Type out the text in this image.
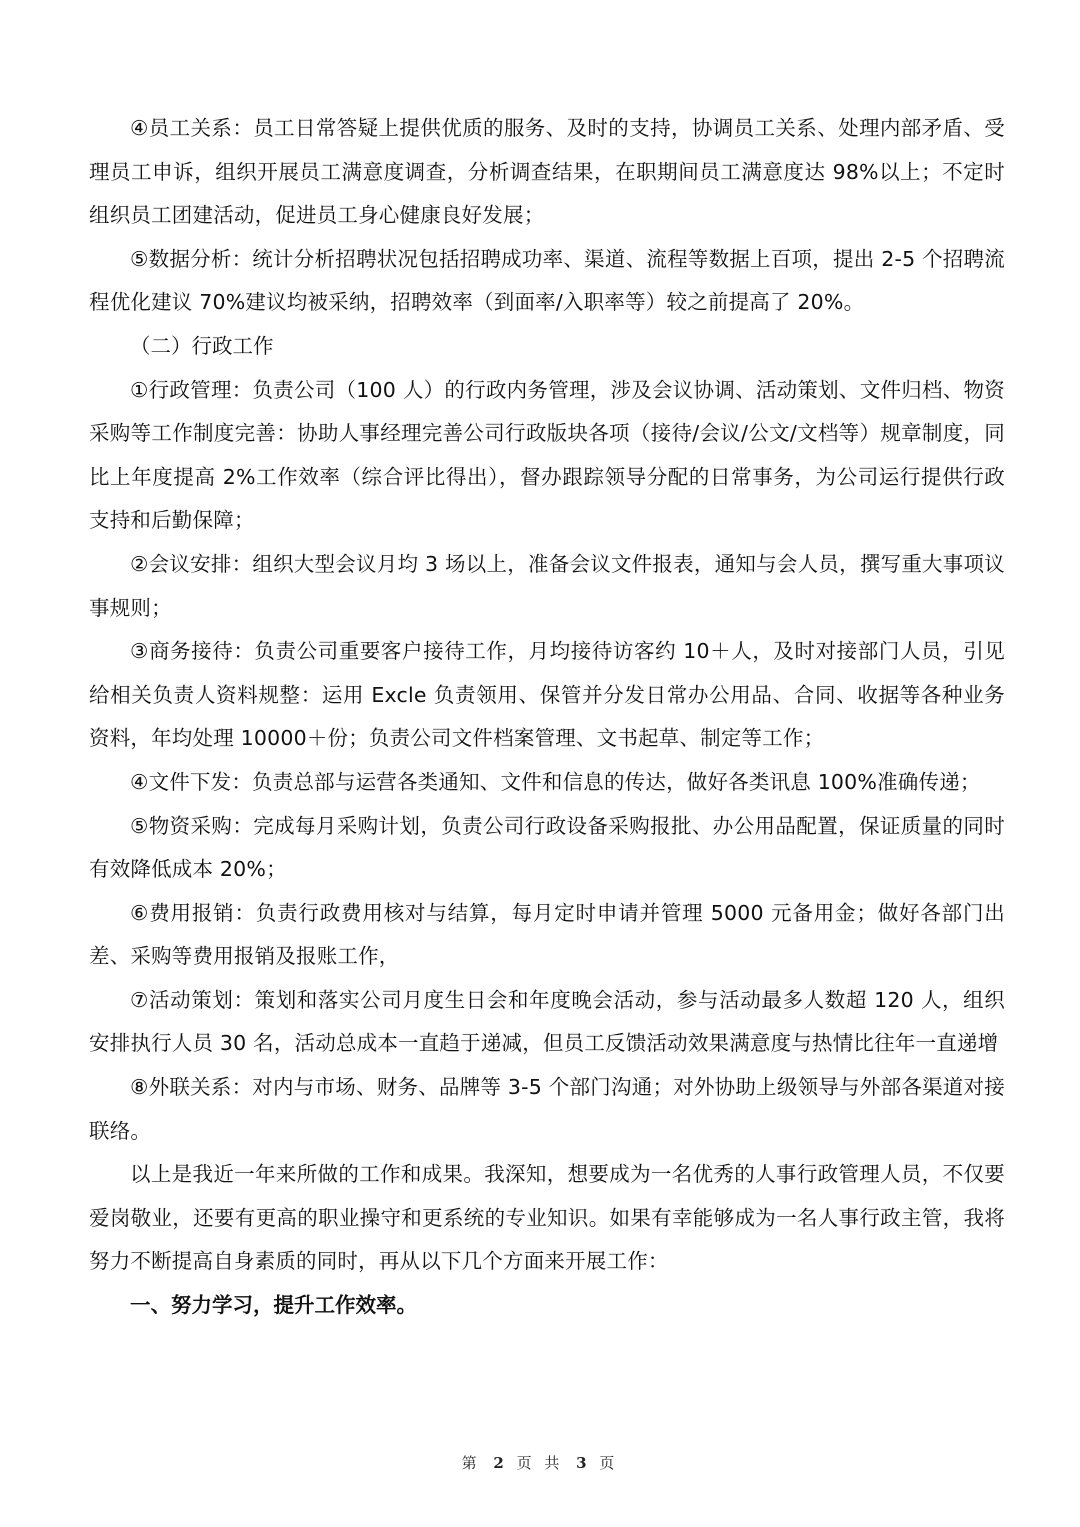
④员工关系：员工日常答疑上提供优质的服务、及时的支持，协调员工关系、处理内部矛盾、受理员工申诉，组织开展员工满意度调查，分析调查结果，在职期间员工满意度达 98%以上；不定时组织员工团建活动，促进员工身心健康良好发展；

⑤数据分析：统计分析招聘状况包括招聘成功率、渠道、流程等数据上百项，提出 2-5 个招聘流程优化建议 70%建议均被采纳，招聘效率（到面率/入职率等）较之前提高了 20%。

（二）行政工作

①行政管理：负责公司（100 人）的行政内务管理，涉及会议协调、活动策划、文件归档、物资采购等工作制度完善：协助人事经理完善公司行政版块各项（接待/会议/公文/文档等）规章制度，同比上年度提高 2%工作效率（综合评比得出），督办跟踪领导分配的日常事务，为公司运行提供行政支持和后勤保障；

②会议安排：组织大型会议月均 3 场以上，准备会议文件报表，通知与会人员，撰写重大事项议事规则；

③商务接待：负责公司重要客户接待工作，月均接待访客约 10＋人，及时对接部门人员，引见给相关负责人资料规整：运用 Excle 负责领用、保管并分发日常办公用品、合同、收据等各种业务资料，年均处理 10000＋份；负责公司文件档案管理、文书起草、制定等工作；

④文件下发：负责总部与运营各类通知、文件和信息的传达，做好各类讯息 100%准确传递；

⑤物资采购：完成每月采购计划，负责公司行政设备采购报批、办公用品配置，保证质量的同时有效降低成本 20%；

⑥费用报销：负责行政费用核对与结算，每月定时申请并管理 5000 元备用金；做好各部门出差、采购等费用报销及报账工作，

⑦活动策划：策划和落实公司月度生日会和年度晚会活动，参与活动最多人数超 120 人，组织安排执行人员 30 名，活动总成本一直趋于递减，但员工反馈活动效果满意度与热情比往年一直递增

⑧外联关系：对内与市场、财务、品牌等 3-5 个部门沟通；对外协助上级领导与外部各渠道对接联络。

以上是我近一年来所做的工作和成果。我深知，想要成为一名优秀的人事行政管理人员，不仅要爱岗敬业，还要有更高的职业操守和更系统的专业知识。如果有幸能够成为一名人事行政主管，我将努力不断提高自身素质的同时，再从以下几个方面来开展工作：

一、努力学习，提升工作效率。

第 2 页 共 3 页
